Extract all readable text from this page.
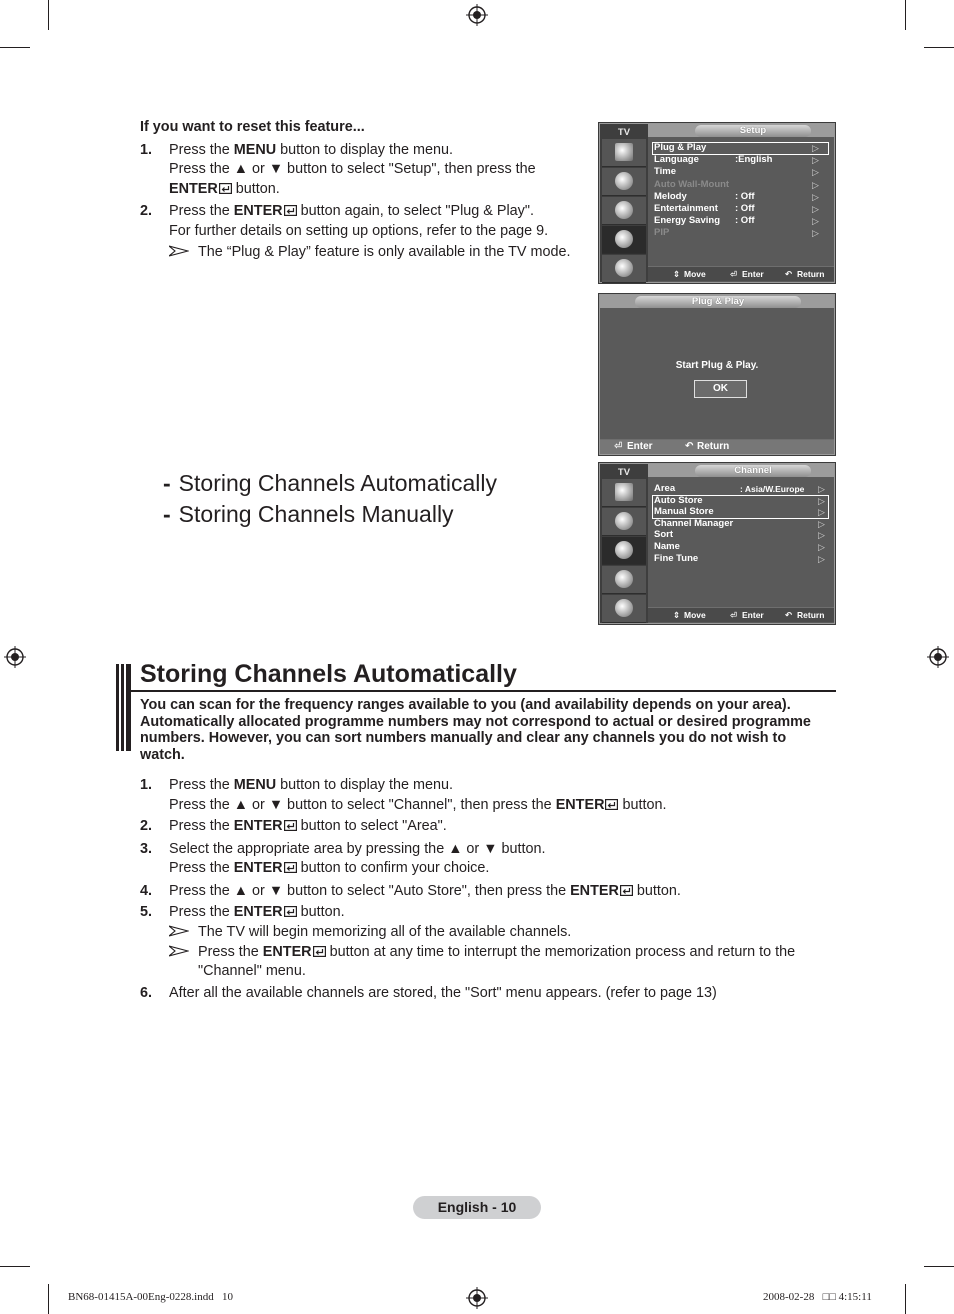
If you want to reset this feature...
1. Press the MENU button to display the menu.
Press the ▲ or ▼ button to select "Setup", then press the
ENTER button.
2. Press the ENTER button again, to select "Plug & Play".
For further details on setting up options, refer to the page 9.
The “Plug & Play” feature is only available in the TV mode.
- Storing Channels Automatically
- Storing Channels Manually
TV	Setup
Plug & Play	▷
Language	:English	▷
Time	▷
Auto Wall-Mount	▷
Melody	: Off	▷
Entertainment : Off	▷
Energy Saving : Off	▷
PIP	▷
⇕ Move	⏎ Enter	↶ Return
Plug & Play
Start Plug & Play.
OK
⏎ Enter	↶ Return
TV	Channel
Area	: Asia/W.Europe ▷
Auto Store	▷
Manual Store	▷
Channel Manager	▷
Sort	▷
Name	▷
Fine Tune	▷
⇕ Move	⏎ Enter	↶ Return
Storing Channels Automatically
You can scan for the frequency ranges available to you (and availability depends on your area).
Automatically allocated programme numbers may not correspond to actual or desired programme
numbers. However, you can sort numbers manually and clear any channels you do not wish to
watch.
1. Press the MENU button to display the menu.
Press the ▲ or ▼ button to select "Channel", then press the ENTER button.
2. Press the ENTER button to select "Area".
3. Select the appropriate area by pressing the ▲ or ▼ button.
Press the ENTER button to confirm your choice.
4. Press the ▲ or ▼ button to select "Auto Store", then press the ENTER button.
5. Press the ENTER button.
The TV will begin memorizing all of the available channels.
Press the ENTER button at any time to interrupt the memorization process and return to the
"Channel" menu.
6. After all the available channels are stored, the "Sort" menu appears. (refer to page 13)
English - 10
BN68-01415A-00Eng-0228.indd   10	2008-02-28   □□ 4:15:11
